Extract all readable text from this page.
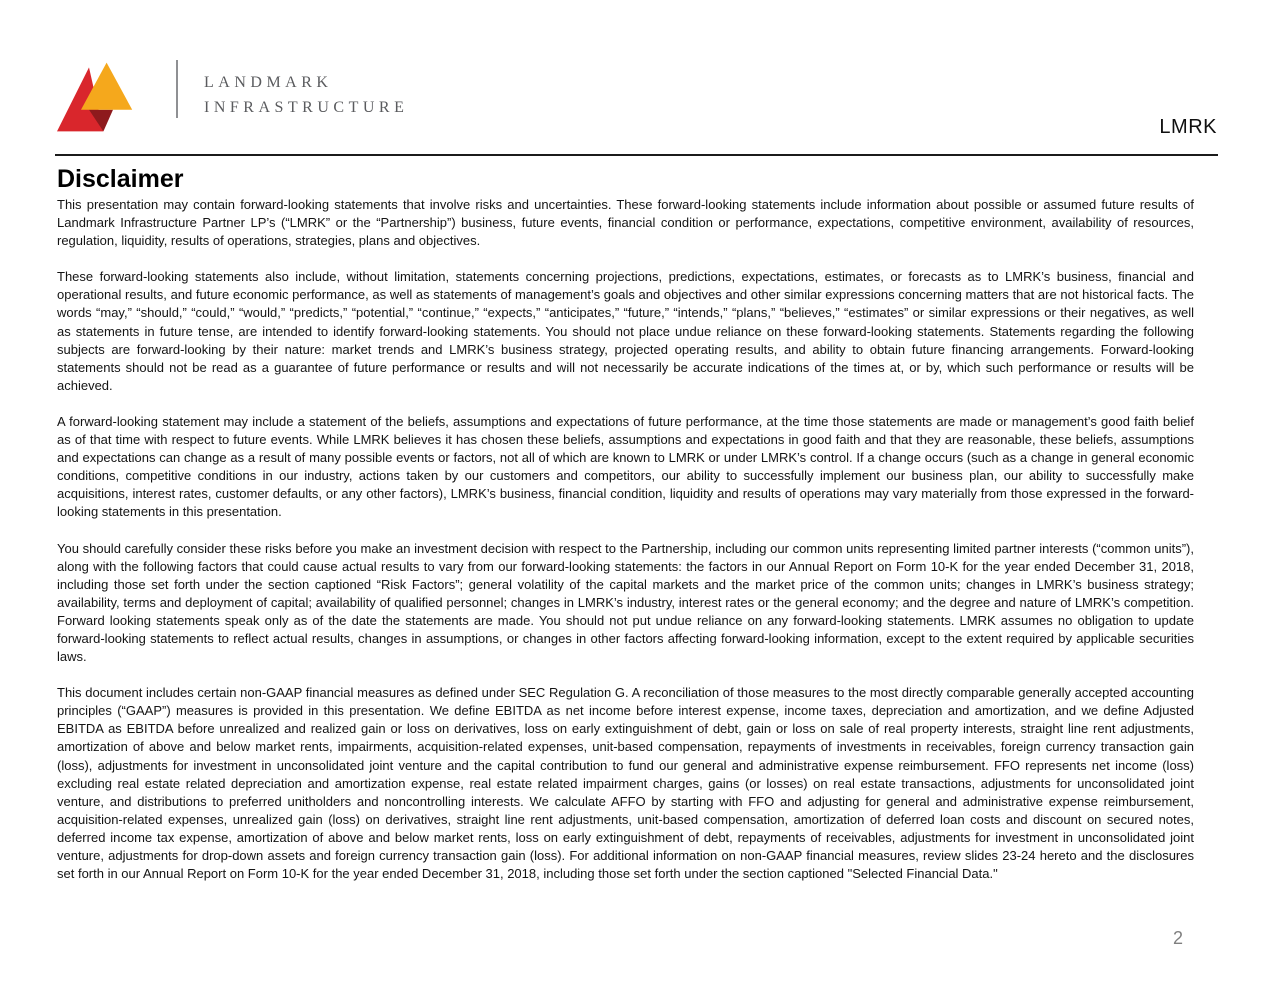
LANDMARK
INFRASTRUCTURE
LMRK
Disclaimer

This presentation may contain forward-looking statements that involve risks and uncertainties. These forward-looking statements include information about possible or assumed future results of Landmark Infrastructure Partner LP’s (“LMRK” or the “Partnership”) business, future events, financial condition or performance, expectations, competitive environment, availability of resources, regulation, liquidity, results of operations, strategies, plans and objectives.

These forward-looking statements also include, without limitation, statements concerning projections, predictions, expectations, estimates, or forecasts as to LMRK’s business, financial and operational results, and future economic performance, as well as statements of management’s goals and objectives and other similar expressions concerning matters that are not historical facts. The words “may,” “should,” “could,” “would,” “predicts,” “potential,” “continue,” “expects,” “anticipates,” “future,” “intends,” “plans,” “believes,” “estimates” or similar expressions or their negatives, as well as statements in future tense, are intended to identify forward-looking statements. You should not place undue reliance on these forward-looking statements. Statements regarding the following subjects are forward-looking by their nature: market trends and LMRK’s business strategy, projected operating results, and ability to obtain future financing arrangements. Forward-looking statements should not be read as a guarantee of future performance or results and will not necessarily be accurate indications of the times at, or by, which such performance or results will be achieved.

A forward-looking statement may include a statement of the beliefs, assumptions and expectations of future performance, at the time those statements are made or management’s good faith belief as of that time with respect to future events. While LMRK believes it has chosen these beliefs, assumptions and expectations in good faith and that they are reasonable, these beliefs, assumptions and expectations can change as a result of many possible events or factors, not all of which are known to LMRK or under LMRK’s control. If a change occurs (such as a change in general economic conditions, competitive conditions in our industry, actions taken by our customers and competitors, our ability to successfully implement our business plan, our ability to successfully make acquisitions, interest rates, customer defaults, or any other factors), LMRK’s business, financial condition, liquidity and results of operations may vary materially from those expressed in the forward-looking statements in this presentation.

You should carefully consider these risks before you make an investment decision with respect to the Partnership, including our common units representing limited partner interests (“common units”), along with the following factors that could cause actual results to vary from our forward-looking statements: the factors in our Annual Report on Form 10-K for the year ended December 31, 2018, including those set forth under the section captioned “Risk Factors”; general volatility of the capital markets and the market price of the common units; changes in LMRK’s business strategy; availability, terms and deployment of capital; availability of qualified personnel; changes in LMRK’s industry, interest rates or the general economy; and the degree and nature of LMRK’s competition. Forward looking statements speak only as of the date the statements are made. You should not put undue reliance on any forward-looking statements. LMRK assumes no obligation to update forward-looking statements to reflect actual results, changes in assumptions, or changes in other factors affecting forward-looking information, except to the extent required by applicable securities laws.

This document includes certain non-GAAP financial measures as defined under SEC Regulation G. A reconciliation of those measures to the most directly comparable generally accepted accounting principles (“GAAP”) measures is provided in this presentation. We define EBITDA as net income before interest expense, income taxes, depreciation and amortization, and we define Adjusted EBITDA as EBITDA before unrealized and realized gain or loss on derivatives, loss on early extinguishment of debt, gain or loss on sale of real property interests, straight line rent adjustments, amortization of above and below market rents, impairments, acquisition-related expenses, unit-based compensation, repayments of investments in receivables, foreign currency transaction gain (loss), adjustments for investment in unconsolidated joint venture and the capital contribution to fund our general and administrative expense reimbursement. FFO represents net income (loss) excluding real estate related depreciation and amortization expense, real estate related impairment charges, gains (or losses) on real estate transactions, adjustments for unconsolidated joint venture, and distributions to preferred unitholders and noncontrolling interests. We calculate AFFO by starting with FFO and adjusting for general and administrative expense reimbursement, acquisition-related expenses, unrealized gain (loss) on derivatives, straight line rent adjustments, unit-based compensation, amortization of deferred loan costs and discount on secured notes, deferred income tax expense, amortization of above and below market rents, loss on early extinguishment of debt, repayments of receivables, adjustments for investment in unconsolidated joint venture, adjustments for drop-down assets and foreign currency transaction gain (loss). For additional information on non-GAAP financial measures, review slides 23-24 hereto and the disclosures set forth in our Annual Report on Form 10-K for the year ended December 31, 2018, including those set forth under the section captioned "Selected Financial Data."

2
